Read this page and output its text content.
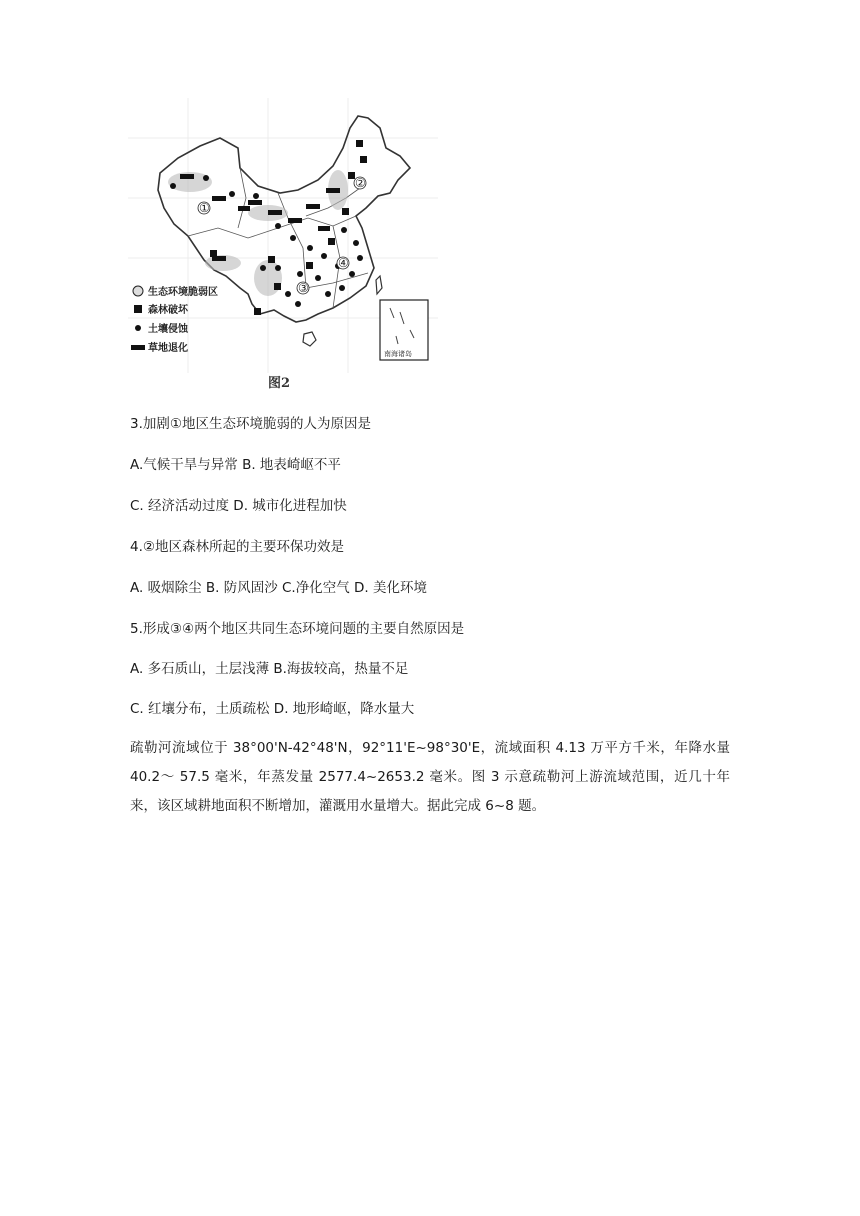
①
②
③
④
生态环境脆弱区
森林破坏
土壤侵蚀
草地退化	南海诸岛
图2
3.加剧①地区生态环境脆弱的人为原因是
A.气候干旱与异常 B. 地表崎岖不平
C. 经济活动过度 D. 城市化进程加快
4.②地区森林所起的主要环保功效是
A. 吸烟除尘 B. 防风固沙 C.净化空气 D. 美化环境
5.形成③④两个地区共同生态环境问题的主要自然原因是
A. 多石质山，土层浅薄 B.海拔较高，热量不足
C. 红壤分布，土质疏松 D. 地形崎岖，降水量大
疏勒河流域位于 38°00'N-42°48'N，92°11'E~98°30'E，流域面积 4.13 万平方千米，年降水量 40.2～ 57.5 毫米，年蒸发量 2577.4~2653.2 毫米。图 3 示意疏勒河上游流域范围，近几十年来，该区域耕地面积不断增加，灌溉用水量增大。据此完成 6~8 题。
